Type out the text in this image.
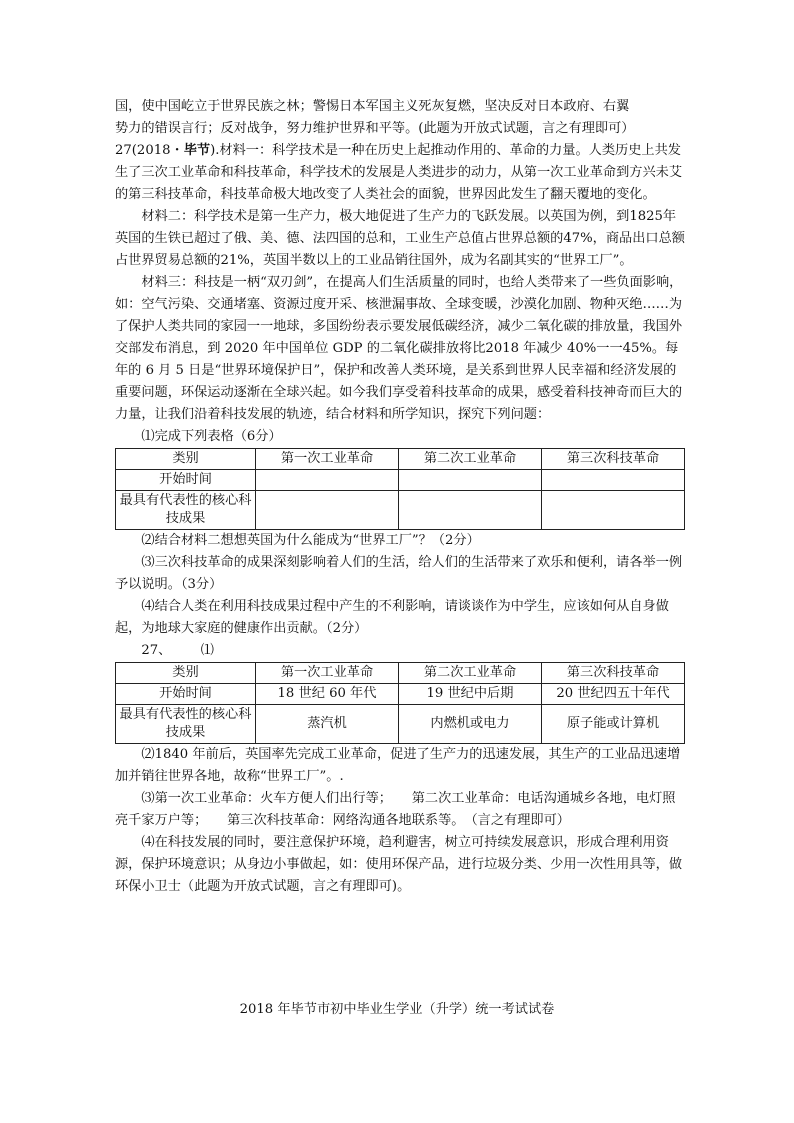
国，使中国屹立于世界民族之林；警惕日本军国主义死灰复燃，坚决反对日本政府、右翼

势力的错误言行；反对战争，努力维护世界和平等。(此题为开放式试题，言之有理即可）

27(2018・毕节).材料一：科学技术是一种在历史上起推动作用的、革命的力量。人类历史上共发生了三次工业革命和科技革命，科学技术的发展是人类进步的动力，从第一次工业革命到方兴未艾的第三科技革命，科技革命极大地改变了人类社会的面貌，世界因此发生了翻天覆地的变化。

材料二：科学技术是第一生产力，极大地促进了生产力的飞跃发展。以英国为例，到1825年英国的生铁已超过了俄、美、德、法四国的总和，工业生产总值占世界总额的47%，商品出口总额占世界贸易总额的21%，英国半数以上的工业品销往国外，成为名副其实的“世界工厂”。

材料三：科技是一柄“双刃剑”，在提高人们生活质量的同时，也给人类带来了一些负面影响，如：空气污染、交通堵塞、资源过度开采、核泄漏事故、全球变暖，沙漠化加剧、物种灭绝……为了保护人类共同的家园一一地球，多国纷纷表示要发展低碳经济，减少二氧化碳的排放量，我国外交部发布消息，到 2020 年中国单位 GDP 的二氧化碳排放将比2018 年减少 40%一一45%。每年的 6 月 5 日是“世界环境保护日”，保护和改善人类环境，是关系到世界人民幸福和经济发展的重要问题，环保运动逐渐在全球兴起。如今我们享受着科技革命的成果，感受着科技神奇而巨大的力量，让我们沿着科技发展的轨迹，结合材料和所学知识，探究下列问题：

⑴完成下列表格（6分）

类别	第一次工业革命	第二次工业革命	第三次科技革命
开始时间			
最具有代表性的核心科技成果			

⑵结合材料二想想英国为什么能成为“世界工厂”？（2分）

⑶三次科技革命的成果深刻影响着人们的生活，给人们的生活带来了欢乐和便利，请各举一例予以说明。（3分）

⑷结合人类在利用科技成果过程中产生的不利影响，请谈谈作为中学生，应该如何从自身做起，为地球大家庭的健康作出贡献。（2分）

27、 ⑴

类别	第一次工业革命	第二次工业革命	第三次科技革命
开始时间	18 世纪 60 年代	19 世纪中后期	20 世纪四五十年代
最具有代表性的核心科技成果	蒸汽机	内燃机或电力	原子能或计算机

⑵1840 年前后，英国率先完成工业革命，促进了生产力的迅速发展，其生产的工业品迅速增加并销往世界各地，故称“世界工厂”。.

⑶第一次工业革命：火车方便人们出行等；　　第二次工业革命：电话沟通城乡各地，电灯照亮千家万户等；　　第三次科技革命：网络沟通各地联系等。　（言之有理即可）

⑷在科技发展的同时，要注意保护环境，趋利避害，树立可持续发展意识，形成合理利用资源，保护环境意识；从身边小事做起，如：使用环保产品，进行垃圾分类、少用一次性用具等，做环保小卫士（此题为开放式试题，言之有理即可)。

2018 年毕节市初中毕业生学业（升学）统一考试试卷
